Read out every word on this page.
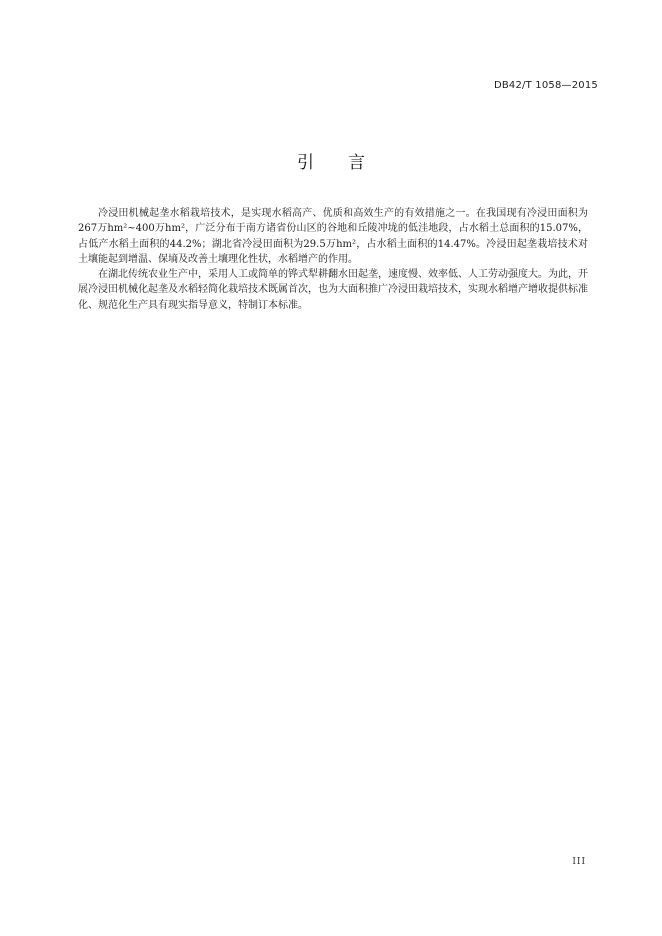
DB42/T 1058—2015
引言

冷浸田机械起垄水稻栽培技术，是实现水稻高产、优质和高效生产的有效措施之一。在我国现有冷浸田面积为267万hm²~400万hm²，广泛分布于南方诸省份山区的谷地和丘陵冲垅的低洼地段，占水稻土总面积的15.07%，占低产水稻土面积的44.2%；湖北省冷浸田面积为29.5万hm²，占水稻土面积的14.47%。冷浸田起垄栽培技术对土壤能起到增温、保墒及改善土壤理化性状，水稻增产的作用。

在湖北传统农业生产中，采用人工或简单的铧式犁耕翻水田起垄，速度慢、效率低、人工劳动强度大。为此，开展冷浸田机械化起垄及水稻轻简化栽培技术既属首次，也为大面积推广冷浸田栽培技术，实现水稻增产增收提供标准化、规范化生产具有现实指导意义，特制订本标准。

III
